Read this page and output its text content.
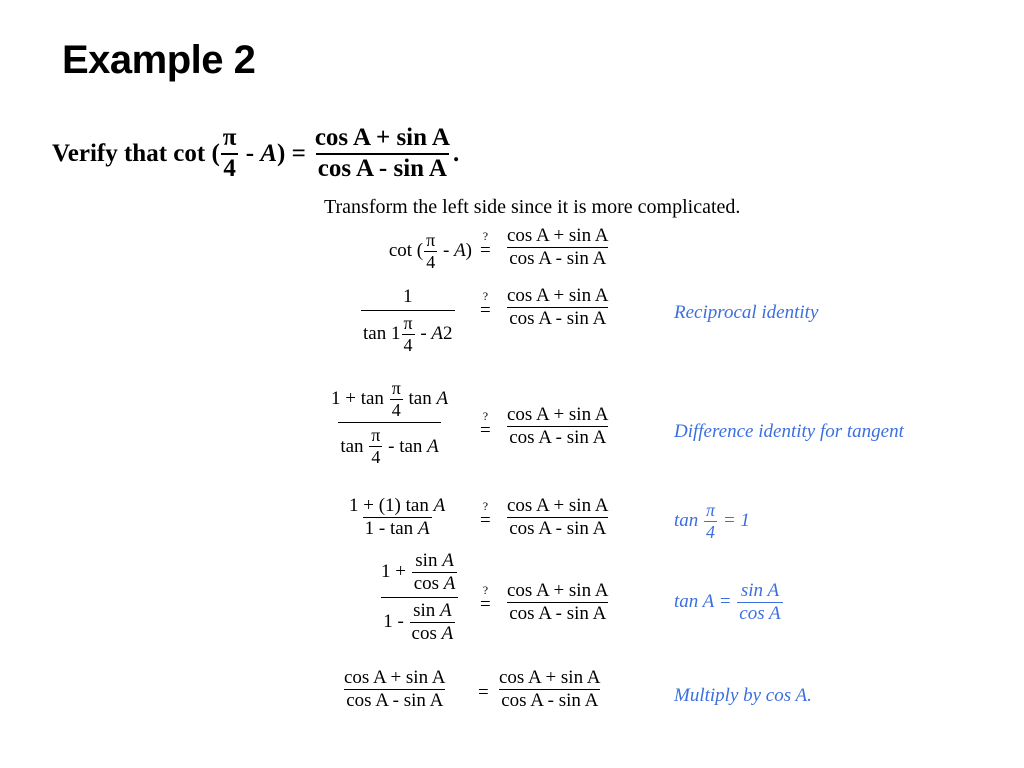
Example 2
Verify that cot ( $\frac{\pi}{4}$ - A ) = $\frac{\text{cos A + sin A}}{\text{cos A - sin A}}$ .
Transform the left side since it is more complicated.
cot ( $\frac{\pi}{4}$ - A )
?
= $\frac{\text{cos A + sin A}}{\text{cos A - sin A}}$
1
$\tan 1 \frac{\pi}{4}$ - A 2
?
= $\frac{\text{cos A + sin A}}{\text{cos A - sin A}}$	Reciprocal identity
$1 + \tan \frac{\pi}{4}$ tan A
$\tan \frac{\pi}{4}$ - tan A
?
= $\frac{\text{cos A + sin A}}{\text{cos A - sin A}}$	Difference identity for tangent
$\frac{\text{1 + (1) tan A}}{\text{1 - tan A}}$	?
= $\frac{\text{cos A + sin A}}{\text{cos A - sin A}}$	$\tan \frac{\pi}{4} = 1$
$\frac{1 + \frac{\text{sin A}}{\text{cos A}}}{1 - \frac{\text{sin A}}{\text{cos A}}}$ ?
= $\frac{\text{cos A + sin A}}{\text{cos A - sin A}}$	$\tan A = \frac{\text{sin A}}{\text{cos A}}$
$\frac{\text{cos A + sin A}}{\text{cos A - sin A}} = \frac{\text{cos A + sin A}}{\text{cos A - sin A}}$	Multiply by cos A.
